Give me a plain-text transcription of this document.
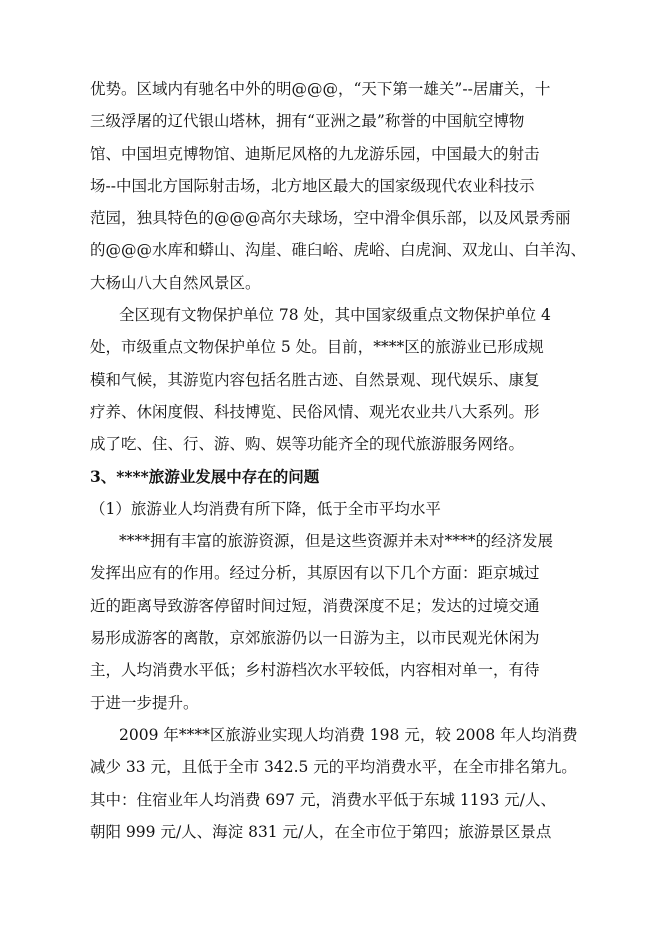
优势。区域内有驰名中外的明@@@，“天下第一雄关”--居庸关，十
三级浮屠的辽代银山塔林，拥有“亚洲之最”称誉的中国航空博物
馆、中国坦克博物馆、迪斯尼风格的九龙游乐园，中国最大的射击
场--中国北方国际射击场，北方地区最大的国家级现代农业科技示
范园，独具特色的@@@高尔夫球场，空中滑伞俱乐部，以及风景秀丽
的@@@水库和蟒山、沟崖、碓臼峪、虎峪、白虎涧、双龙山、白羊沟、
大杨山八大自然风景区。
全区现有文物保护单位 78 处，其中国家级重点文物保护单位 4
处，市级重点文物保护单位 5 处。目前，****区的旅游业已形成规
模和气候，其游览内容包括名胜古迹、自然景观、现代娱乐、康复
疗养、休闲度假、科技博览、民俗风情、观光农业共八大系列。形
成了吃、住、行、游、购、娱等功能齐全的现代旅游服务网络。
3、****旅游业发展中存在的问题
（1）旅游业人均消费有所下降，低于全市平均水平
****拥有丰富的旅游资源，但是这些资源并未对****的经济发展
发挥出应有的作用。经过分析，其原因有以下几个方面：距京城过
近的距离导致游客停留时间过短，消费深度不足；发达的过境交通
易形成游客的离散，京郊旅游仍以一日游为主，以市民观光休闲为
主，人均消费水平低；乡村游档次水平较低，内容相对单一，有待
于进一步提升。
2009 年****区旅游业实现人均消费 198 元，较 2008 年人均消费
减少 33 元，且低于全市 342.5 元的平均消费水平，在全市排名第九。
其中：住宿业年人均消费 697 元，消费水平低于东城 1193 元/人、
朝阳 999 元/人、海淀 831 元/人，在全市位于第四；旅游景区景点
